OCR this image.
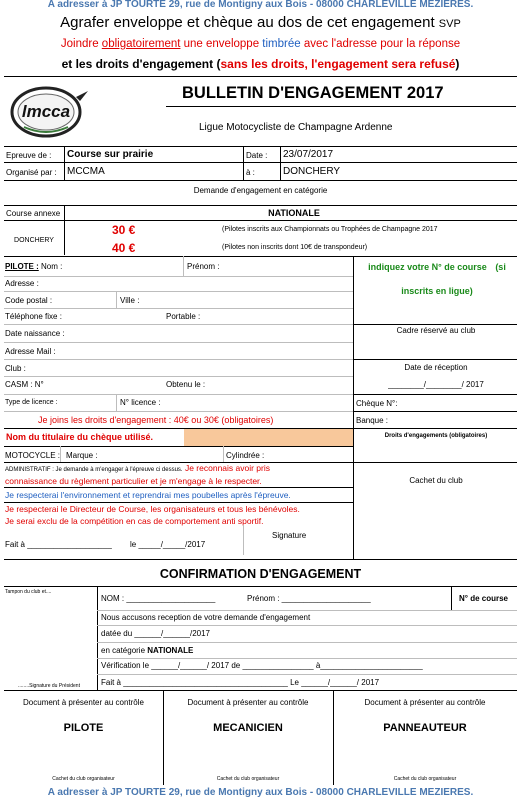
A adresser à JP TOURTE 29, rue de Montigny aux Bois - 08000 CHARLEVILLE MEZIERES.
Agrafer enveloppe et chèque au dos de cet engagement SVP
Joindre obligatoirement une enveloppe timbrée avec l'adresse pour la réponse
et les droits d'engagement (sans les droits, l'engagement sera refusé)
lmcca
BULLETIN D'ENGAGEMENT 2017
Ligue Motocycliste de Champagne Ardenne
Epreuve de : Course sur prairie	Date : 23/07/2017
Organisé par : MCCMA	à :	DONCHERY
Demande d'engagement en catégorie
Course annexe	NATIONALE
DONCHERY
30 €	(Pilotes inscrits aux Championnats ou Trophées de Champagne 2017
40 €	(Pilotes non inscrits dont 10€ de transpondeur)
PILOTE : Nom :	Prénom :
Adresse :
Code postal :	Ville :
Téléphone fixe :	Portable :
Date naissance :
Adresse Mail :
Club :
CASM : N°	Obtenu le :
Type de licence :	N° licence :
Je joins les droits d'engagement : 40€ ou 30€ (obligatoires)
Nom du titulaire du chèque utilisé.
MOTOCYCLE : Marque :	Cylindrée :
ADMINISTRATIF : Je demande à m'engager à l'épreuve ci dessus. Je reconnais avoir pris
connaissance du règlement particulier et je m'engage à le respecter.
Je respecterai l'environnement et reprendrai mes poubelles après l'épreuve.
Je respecterai le Directeur de Course, les organisateurs et tous les bénévoles.
Je serai exclu de la compétition en cas de comportement anti sportif.
Fait à ___________________ le _____/_____/2017
Signature
indiquez votre N° de course (si

inscrits en ligue)
Cadre réservé au club
Date de réception
________/________/ 2017
Chèque N°:
Banque :
Droits d'engagements (obligatoires)
Cachet du club
CONFIRMATION D'ENGAGEMENT
Tampon du club et....
........Signature du Président
NOM : ____________________	Prénom : ____________________	N° de course
Nous accusons reception de votre demande d'engagement
datée du ______/______/2017
en catégorie NATIONALE
Vérification le ______/______/ 2017 de ________________ à_______________________
Fait à _____________________________________ Le ______/______/ 2017
Document à présenter au contrôle	Document à présenter au contrôle	Document à présenter au contrôle
PILOTE	MECANICIEN	PANNEAUTEUR
Cachet du club organisateur	Cachet du club organisateur	Cachet du club organisateur
A adresser à JP TOURTE 29, rue de Montigny aux Bois - 08000 CHARLEVILLE MEZIERES.
